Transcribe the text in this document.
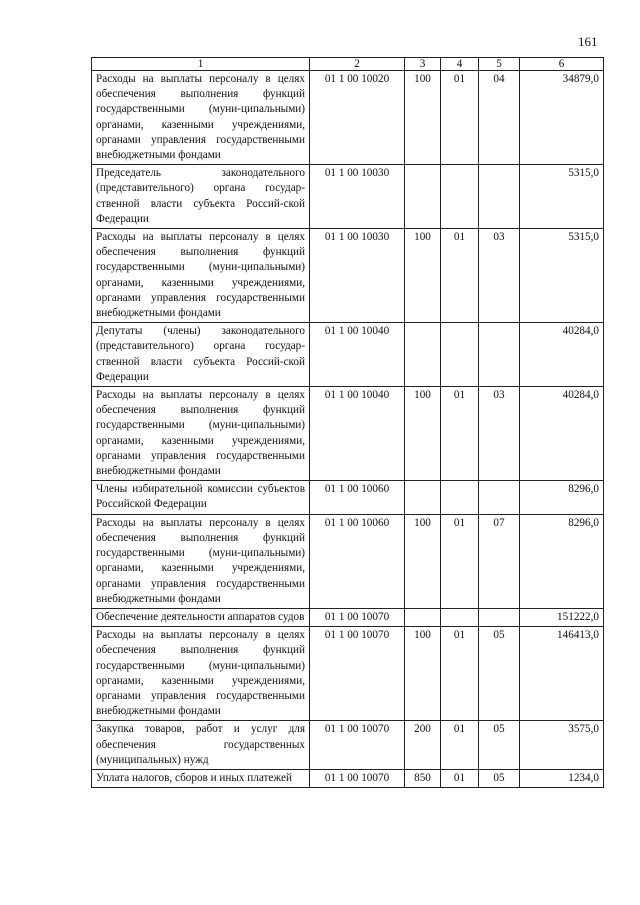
161
1	2	3	4	5	6
Расходы на выплаты персоналу в целях обеспечения выполнения функций государственными (муни-ципальными) органами, казенными учреждениями, органами управления государственными внебюджетными фондами	01 1 00 10020	100	01	04	34879,0
Председатель законодательного (представительного) органа государ-ственной власти субъекта Россий-ской Федерации	01 1 00 10030				5315,0
Расходы на выплаты персоналу в целях обеспечения выполнения функций государственными (муни-ципальными) органами, казенными учреждениями, органами управления государственными внебюджетными фондами	01 1 00 10030	100	01	03	5315,0
Депутаты (члены) законодательного (представительного) органа государ-ственной власти субъекта Россий-ской Федерации	01 1 00 10040				40284,0
Расходы на выплаты персоналу в целях обеспечения выполнения функций государственными (муни-ципальными) органами, казенными учреждениями, органами управления государственными внебюджетными фондами	01 1 00 10040	100	01	03	40284,0
Члены избирательной комиссии субъектов Российской Федерации	01 1 00 10060				8296,0
Расходы на выплаты персоналу в целях обеспечения выполнения функций государственными (муни-ципальными) органами, казенными учреждениями, органами управления государственными внебюджетными фондами	01 1 00 10060	100	01	07	8296,0
Обеспечение деятельности аппаратов судов	01 1 00 10070				151222,0
Расходы на выплаты персоналу в целях обеспечения выполнения функций государственными (муни-ципальными) органами, казенными учреждениями, органами управления государственными внебюджетными фондами	01 1 00 10070	100	01	05	146413,0
Закупка товаров, работ и услуг для обеспечения государственных (муниципальных) нужд	01 1 00 10070	200	01	05	3575,0
Уплата налогов, сборов и иных платежей	01 1 00 10070	850	01	05	1234,0
